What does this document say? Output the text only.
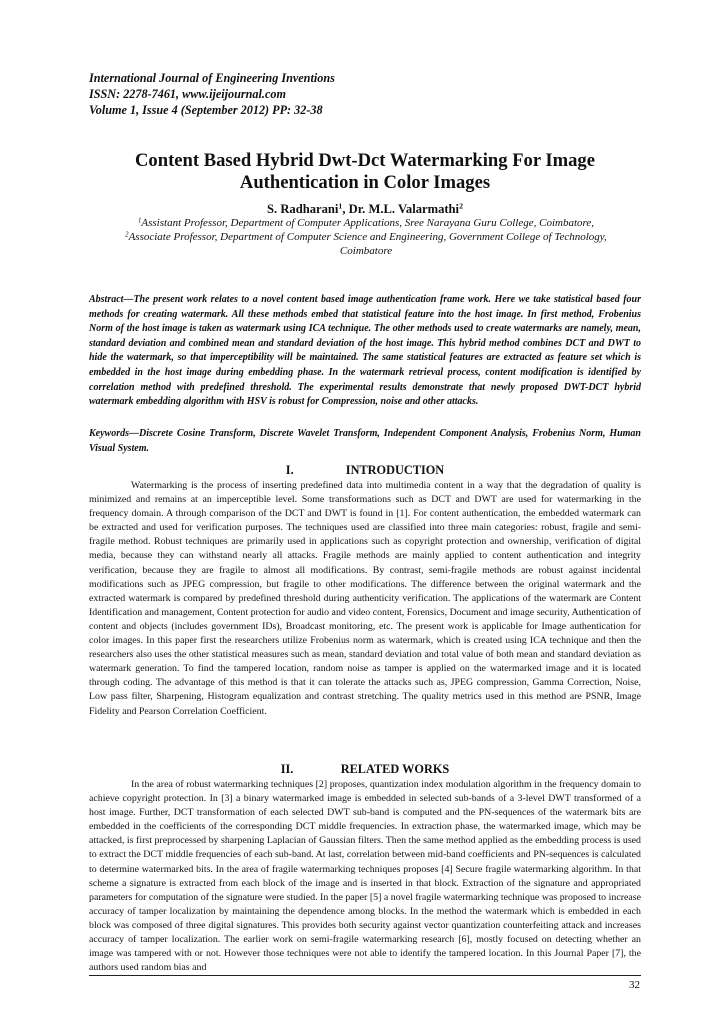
International Journal of Engineering Inventions
ISSN: 2278-7461, www.ijeijournal.com
Volume 1, Issue 4 (September 2012) PP: 32-38
Content Based Hybrid Dwt-Dct Watermarking For Image
Authentication in Color Images
S. Radharani$^1$, Dr. M.L. Valarmathi$^2$
$^1$Assistant Professor, Department of Computer Applications, Sree Narayana Guru College, Coimbatore,
$^2$Associate Professor, Department of Computer Science and Engineering, Government College of Technology,
Coimbatore
Abstract—The present work relates to a novel content based image authentication frame work. Here we take statistical based four methods for creating watermark. All these methods embed that statistical feature into the host image. In first method, Frobenius Norm of the host image is taken as watermark using ICA technique. The other methods used to create watermarks are namely, mean, standard deviation and combined mean and standard deviation of the host image. This hybrid method combines DCT and DWT to hide the watermark, so that imperceptibility will be maintained. The same statistical features are extracted as feature set which is embedded in the host image during embedding phase. In the watermark retrieval process, content modification is identified by correlation method with predefined threshold. The experimental results demonstrate that newly proposed DWT-DCT hybrid watermark embedding algorithm with HSV is robust for Compression, noise and other attacks.
Keywords—Discrete Cosine Transform, Discrete Wavelet Transform, Independent Component Analysis, Frobenius Norm, Human Visual System.
I.	INTRODUCTION

Watermarking is the process of inserting predefined data into multimedia content in a way that the degradation of quality is minimized and remains at an imperceptible level. Some transformations such as DCT and DWT are used for watermarking in the frequency domain. A through comparison of the DCT and DWT is found in [1]. For content authentication, the embedded watermark can be extracted and used for verification purposes. The techniques used are classified into three main categories: robust, fragile and semi-fragile method. Robust techniques are primarily used in applications such as copyright protection and ownership, verification of digital media, because they can withstand nearly all attacks. Fragile methods are mainly applied to content authentication and integrity verification, because they are fragile to almost all modifications. By contrast, semi-fragile methods are robust against incidental modifications such as JPEG compression, but fragile to other modifications. The difference between the original watermark and the extracted watermark is compared by predefined threshold during authenticity verification. The applications of the watermark are Content Identification and management, Content protection for audio and video content, Forensics, Document and image security, Authentication of content and objects (includes government IDs), Broadcast monitoring, etc. The present work is applicable for Image authentication for color images. In this paper first the researchers utilize Frobenius norm as watermark, which is created using ICA technique and then the researchers also uses the other statistical measures such as mean, standard deviation and total value of both mean and standard deviation as watermark generation. To find the tampered location, random noise as tamper is applied on the watermarked image and it is located through coding. The advantage of this method is that it can tolerate the attacks such as, JPEG compression, Gamma Correction, Noise, Low pass filter, Sharpening, Histogram equalization and contrast stretching. The quality metrics used in this method are PSNR, Image Fidelity and Pearson Correlation Coefficient.

II.	RELATED WORKS

In the area of robust watermarking techniques [2] proposes, quantization index modulation algorithm in the frequency domain to achieve copyright protection. In [3] a binary watermarked image is embedded in selected sub-bands of a 3-level DWT transformed of a host image. Further, DCT transformation of each selected DWT sub-band is computed and the PN-sequences of the watermark bits are embedded in the coefficients of the corresponding DCT middle frequencies. In extraction phase, the watermarked image, which may be attacked, is first preprocessed by sharpening Laplacian of Gaussian filters. Then the same method applied as the embedding process is used to extract the DCT middle frequencies of each sub-band. At last, correlation between mid-band coefficients and PN-sequences is calculated to determine watermarked bits. In the area of fragile watermarking techniques proposes [4] Secure fragile watermarking algorithm. In that scheme a signature is extracted from each block of the image and is inserted in that block. Extraction of the signature and appropriated parameters for computation of the signature were studied. In the paper [5] a novel fragile watermarking technique was proposed to increase accuracy of tamper localization by maintaining the dependence among blocks. In the method the watermark which is embedded in each block was composed of three digital signatures. This provides both security against vector quantization counterfeiting attack and increases accuracy of tamper localization. The earlier work on semi-fragile watermarking research [6], mostly focused on detecting whether an image was tampered with or not. However those techniques were not able to identify the tampered location. In this Journal Paper [7], the authors used random bias and

32
